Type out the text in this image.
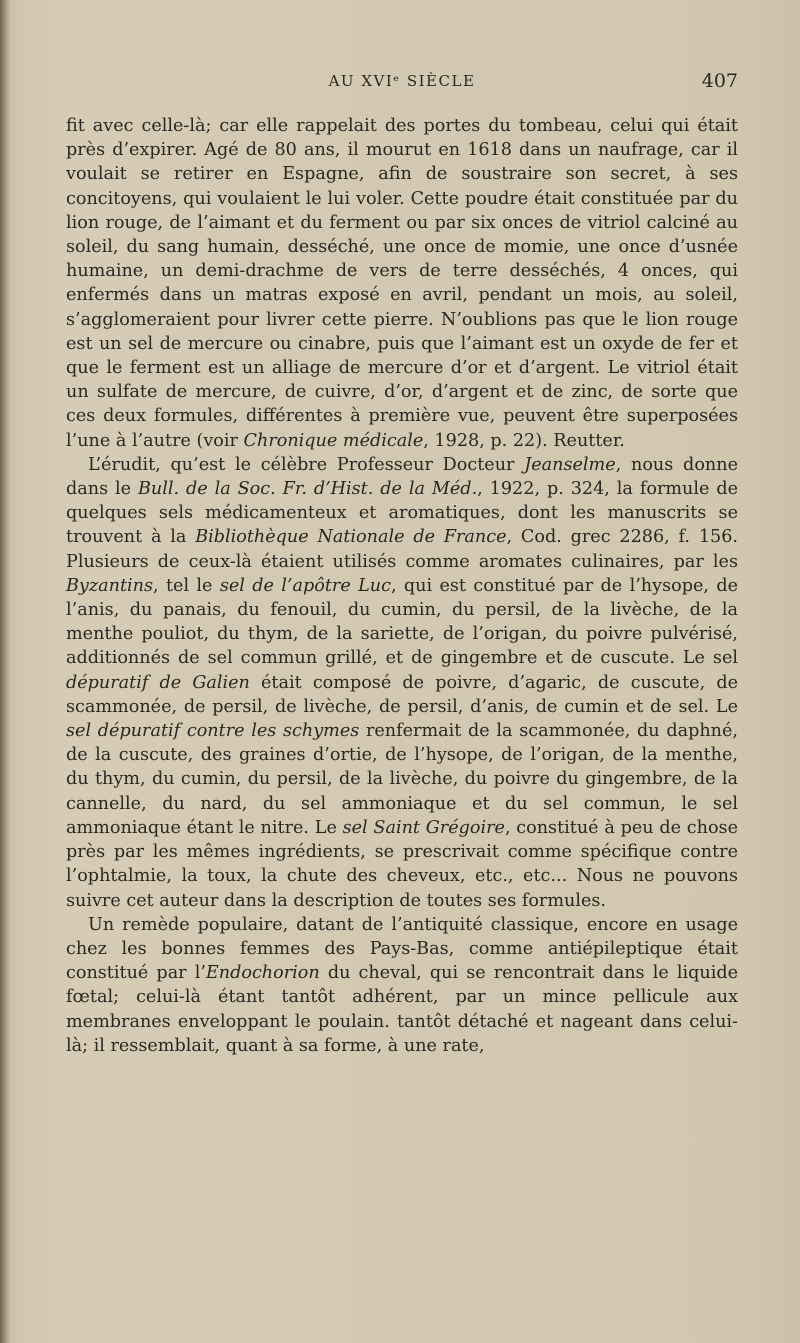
AU XVIᵉ SIÈCLE	407

fit avec celle-là; car elle rappelait des portes du tombeau, celui qui était près d’expirer. Agé de 80 ans, il mourut en 1618 dans un naufrage, car il voulait se retirer en Espagne, afin de soustraire son secret, à ses concitoyens, qui voulaient le lui voler. Cette poudre était constituée par du lion rouge, de l’aimant et du ferment ou par six onces de vitriol calciné au soleil, du sang humain, desséché, une once de momie, une once d’usnée humaine, un demi-drachme de vers de terre desséchés, 4 onces, qui enfermés dans un matras exposé en avril, pendant un mois, au soleil, s’agglomeraient pour livrer cette pierre. N’oublions pas que le lion rouge est un sel de mercure ou cinabre, puis que l’aimant est un oxyde de fer et que le ferment est un alliage de mercure d’or et d’argent. Le vitriol était un sulfate de mercure, de cuivre, d’or, d’argent et de zinc, de sorte que ces deux formules, différentes à première vue, peuvent être superposées l’une à l’autre (voir Chronique médicale, 1928, p. 22). Reutter.

L’érudit, qu’est le célèbre Professeur Docteur Jeanselme, nous donne dans le Bull. de la Soc. Fr. d’Hist. de la Méd., 1922, p. 324, la formule de quelques sels médicamenteux et aromatiques, dont les manuscrits se trouvent à la Bibliothèque Nationale de France, Cod. grec 2286, f. 156. Plusieurs de ceux-là étaient utilisés comme aromates culinaires, par les Byzantins, tel le sel de l’apôtre Luc, qui est constitué par de l’hysope, de l’anis, du panais, du fenouil, du cumin, du persil, de la livèche, de la menthe pouliot, du thym, de la sariette, de l’origan, du poivre pulvérisé, additionnés de sel commun grillé, et de gingembre et de cuscute. Le sel dépuratif de Galien était composé de poivre, d’agaric, de cuscute, de scammonée, de persil, de livèche, de persil, d’anis, de cumin et de sel. Le sel dépuratif contre les schymes renfermait de la scammonée, du daphné, de la cuscute, des graines d’ortie, de l’hysope, de l’origan, de la menthe, du thym, du cumin, du persil, de la livèche, du poivre du gingembre, de la cannelle, du nard, du sel ammoniaque et du sel commun, le sel ammoniaque étant le nitre. Le sel Saint Grégoire, constitué à peu de chose près par les mêmes ingrédients, se prescrivait comme spécifique contre l’ophtalmie, la toux, la chute des cheveux, etc., etc... Nous ne pouvons suivre cet auteur dans la description de toutes ses formules.

Un remède populaire, datant de l’antiquité classique, encore en usage chez les bonnes femmes des Pays-Bas, comme antiépileptique était constitué par l’Endochorion du cheval, qui se rencontrait dans le liquide fœtal; celui-là étant tantôt adhérent, par un mince pellicule aux membranes enveloppant le poulain. tantôt détaché et nageant dans celui-là; il ressemblait, quant à sa forme, à une rate,
